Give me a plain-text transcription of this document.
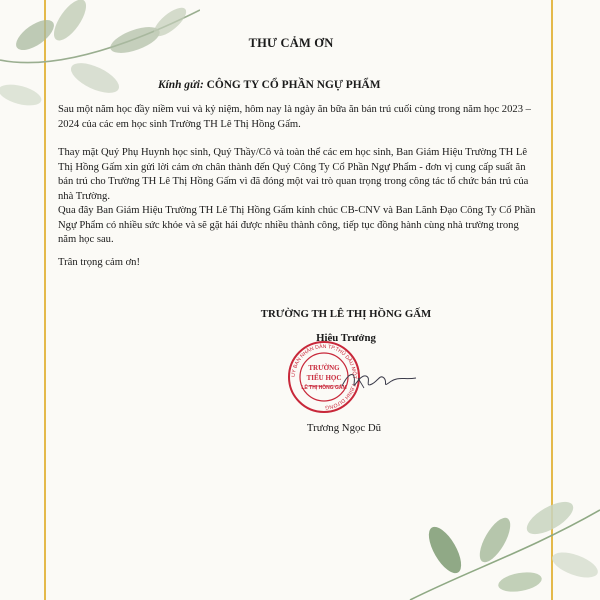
THƯ CẢM ƠN
Kính gửi: CÔNG TY CỔ PHẦN NGỰ PHẨM
Sau một năm học đầy niềm vui và kỷ niệm, hôm nay là ngày ăn bữa ăn bán trú cuối cùng trong năm học 2023 – 2024 của các em học sinh Trường TH Lê Thị Hồng Gấm.
Thay mặt Quý Phụ Huynh học sinh, Quý Thầy/Cô và toàn thể các em học sinh, Ban Giám Hiệu Trường TH Lê Thị Hồng Gấm xin gửi lời cảm ơn chân thành đến Quý Công Ty Cổ Phần Ngự Phẩm - đơn vị cung cấp suất ăn bán trú cho Trường TH Lê Thị Hồng Gấm vì đã đóng một vai trò quan trọng trong công tác tổ chức bán trú của nhà Trường.
Qua đây Ban Giám Hiệu Trường TH Lê Thị Hồng Gấm kính chúc CB-CNV và Ban Lãnh Đạo Công Ty Cổ Phần Ngự Phẩm có nhiều sức khỏe và sẽ gặt hái được nhiều thành công, tiếp tục đồng hành cùng nhà trường trong năm học sau.
Trân trọng cảm ơn!
TRƯỜNG TH LÊ THỊ HỒNG GẤM
Hiệu Trưởng
UY BAN NHÂN DÂN TP.THỦ DẦU MỘT - T.BÌNH DƯƠNG
TRƯỜNG
TIỂU HỌC
LÊ THỊ HỒNG GẤM
Trương Ngọc Dũ
